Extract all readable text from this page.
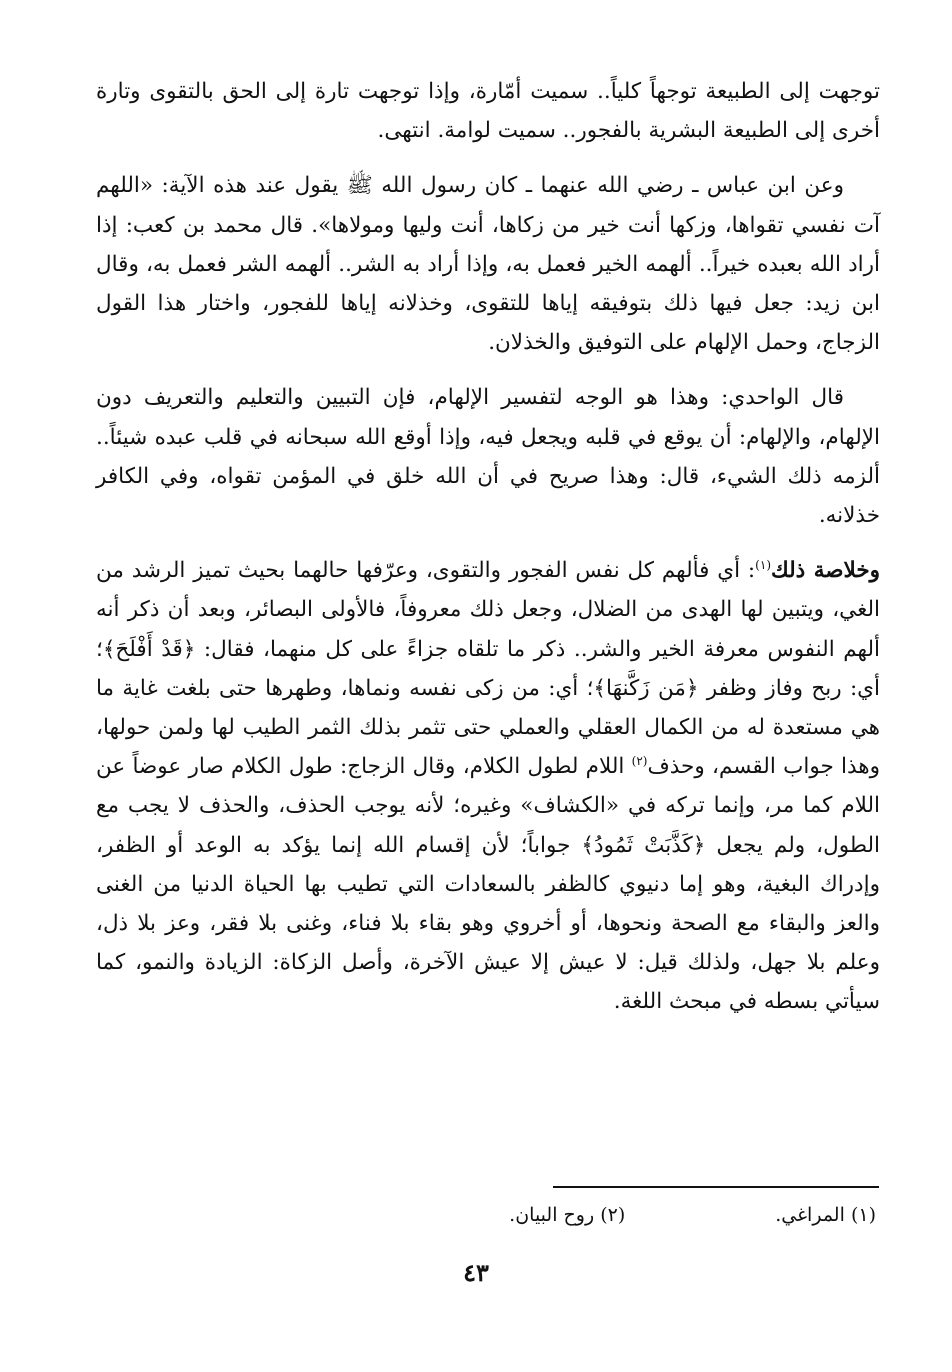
توجهت إلى الطبيعة توجهاً كلياً.. سميت أمّارة، وإذا توجهت تارة إلى الحق بالتقوى وتارة أخرى إلى الطبيعة البشرية بالفجور.. سميت لوامة. انتهى.

وعن ابن عباس ـ رضي الله عنهما ـ كان رسول الله ﷺ يقول عند هذه الآية: «اللهم آت نفسي تقواها، وزكها أنت خير من زكاها، أنت وليها ومولاها». قال محمد بن كعب: إذا أراد الله بعبده خيراً.. ألهمه الخير فعمل به، وإذا أراد به الشر.. ألهمه الشر فعمل به، وقال ابن زيد: جعل فيها ذلك بتوفيقه إياها للتقوى، وخذلانه إياها للفجور، واختار هذا القول الزجاج، وحمل الإلهام على التوفيق والخذلان.

قال الواحدي: وهذا هو الوجه لتفسير الإلهام، فإن التبيين والتعليم والتعريف دون الإلهام، والإلهام: أن يوقع في قلبه ويجعل فيه، وإذا أوقع الله سبحانه في قلب عبده شيئاً.. ألزمه ذلك الشيء، قال: وهذا صريح في أن الله خلق في المؤمن تقواه، وفي الكافر خذلانه.

وخلاصة ذلك$^{(١)}$: أي فألهم كل نفس الفجور والتقوى، وعرّفها حالهما بحيث تميز الرشد من الغي، ويتبين لها الهدى من الضلال، وجعل ذلك معروفاً، فالأولى البصائر، وبعد أن ذكر أنه ألهم النفوس معرفة الخير والشر.. ذكر ما تلقاه جزاءً على كل منهما، فقال: ﴿قَدْ أَفْلَحَ﴾؛ أي: ربح وفاز وظفر ﴿مَن زَكَّنهَا﴾؛ أي: من زكى نفسه ونماها، وطهرها حتى بلغت غاية ما هي مستعدة له من الكمال العقلي والعملي حتى تثمر بذلك الثمر الطيب لها ولمن حولها، وهذا جواب القسم، وحذف$^{(٢)}$ اللام لطول الكلام، وقال الزجاج: طول الكلام صار عوضاً عن اللام كما مر، وإنما تركه في «الكشاف» وغيره؛ لأنه يوجب الحذف، والحذف لا يجب مع الطول، ولم يجعل ﴿كَذَّبَتْ ثَمُودُ﴾ جواباً؛ لأن إقسام الله إنما يؤكد به الوعد أو الظفر، وإدراك البغية، وهو إما دنيوي كالظفر بالسعادات التي تطيب بها الحياة الدنيا من الغنى والعز والبقاء مع الصحة ونحوها، أو أخروي وهو بقاء بلا فناء، وغنى بلا فقر، وعز بلا ذل، وعلم بلا جهل، ولذلك قيل: لا عيش إلا عيش الآخرة، وأصل الزكاة: الزيادة والنمو، كما سيأتي بسطه في مبحث اللغة.

(١) المراغي.(٢) روح البيان.
٤٣
